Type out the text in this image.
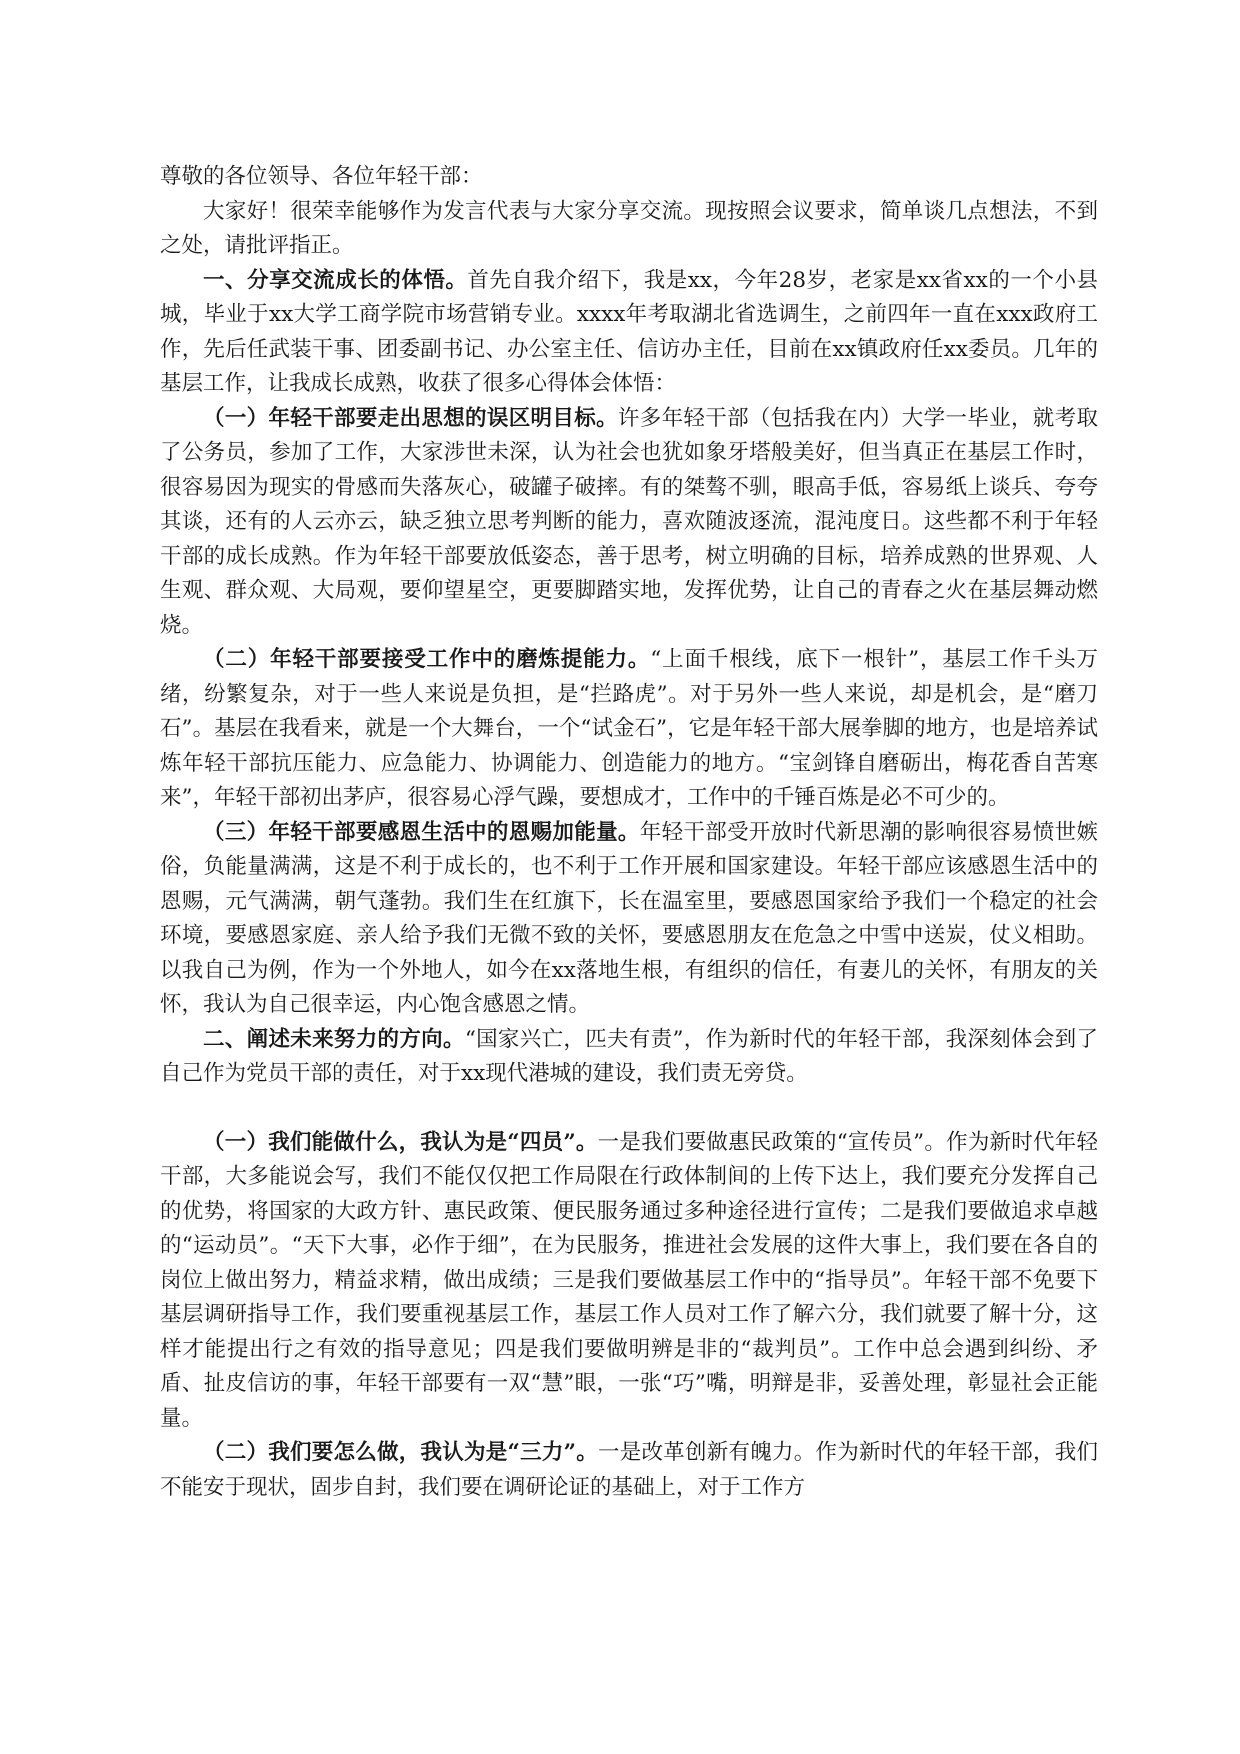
尊敬的各位领导、各位年轻干部：

大家好！很荣幸能够作为发言代表与大家分享交流。现按照会议要求，简单谈几点想法，不到之处，请批评指正。

一、分享交流成长的体悟。首先自我介绍下，我是xx，今年28岁，老家是xx省xx的一个小县城，毕业于xx大学工商学院市场营销专业。xxxx年考取湖北省选调生，之前四年一直在xxx政府工作，先后任武装干事、团委副书记、办公室主任、信访办主任，目前在xx镇政府任xx委员。几年的基层工作，让我成长成熟，收获了很多心得体会体悟：

（一）年轻干部要走出思想的误区明目标。许多年轻干部（包括我在内）大学一毕业，就考取了公务员，参加了工作，大家涉世未深，认为社会也犹如象牙塔般美好，但当真正在基层工作时，很容易因为现实的骨感而失落灰心，破罐子破摔。有的桀骜不驯，眼高手低，容易纸上谈兵、夸夸其谈，还有的人云亦云，缺乏独立思考判断的能力，喜欢随波逐流，混沌度日。这些都不利于年轻干部的成长成熟。作为年轻干部要放低姿态，善于思考，树立明确的目标，培养成熟的世界观、人生观、群众观、大局观，要仰望星空，更要脚踏实地，发挥优势，让自己的青春之火在基层舞动燃烧。

（二）年轻干部要接受工作中的磨炼提能力。“上面千根线，底下一根针”，基层工作千头万绪，纷繁复杂，对于一些人来说是负担，是“拦路虎”。对于另外一些人来说，却是机会，是“磨刀石”。基层在我看来，就是一个大舞台，一个“试金石”，它是年轻干部大展拳脚的地方，也是培养试炼年轻干部抗压能力、应急能力、协调能力、创造能力的地方。“宝剑锋自磨砺出，梅花香自苦寒来”，年轻干部初出茅庐，很容易心浮气躁，要想成才，工作中的千锤百炼是必不可少的。

（三）年轻干部要感恩生活中的恩赐加能量。年轻干部受开放时代新思潮的影响很容易愤世嫉俗，负能量满满，这是不利于成长的，也不利于工作开展和国家建设。年轻干部应该感恩生活中的恩赐，元气满满，朝气蓬勃。我们生在红旗下，长在温室里，要感恩国家给予我们一个稳定的社会环境，要感恩家庭、亲人给予我们无微不致的关怀，要感恩朋友在危急之中雪中送炭，仗义相助。以我自己为例，作为一个外地人，如今在xx落地生根，有组织的信任，有妻儿的关怀，有朋友的关怀，我认为自己很幸运，内心饱含感恩之情。

二、阐述未来努力的方向。“国家兴亡，匹夫有责”，作为新时代的年轻干部，我深刻体会到了自己作为党员干部的责任，对于xx现代港城的建设，我们责无旁贷。

（一）我们能做什么，我认为是“四员”。一是我们要做惠民政策的“宣传员”。作为新时代年轻干部，大多能说会写，我们不能仅仅把工作局限在行政体制间的上传下达上，我们要充分发挥自己的优势，将国家的大政方针、惠民政策、便民服务通过多种途径进行宣传；二是我们要做追求卓越的“运动员”。“天下大事，必作于细”，在为民服务，推进社会发展的这件大事上，我们要在各自的岗位上做出努力，精益求精，做出成绩；三是我们要做基层工作中的“指导员”。年轻干部不免要下基层调研指导工作，我们要重视基层工作，基层工作人员对工作了解六分，我们就要了解十分，这样才能提出行之有效的指导意见；四是我们要做明辨是非的“裁判员”。工作中总会遇到纠纷、矛盾、扯皮信访的事，年轻干部要有一双“慧”眼，一张“巧”嘴，明辩是非，妥善处理，彰显社会正能量。

（二）我们要怎么做，我认为是“三力”。一是改革创新有魄力。作为新时代的年轻干部，我们不能安于现状，固步自封，我们要在调研论证的基础上，对于工作方
